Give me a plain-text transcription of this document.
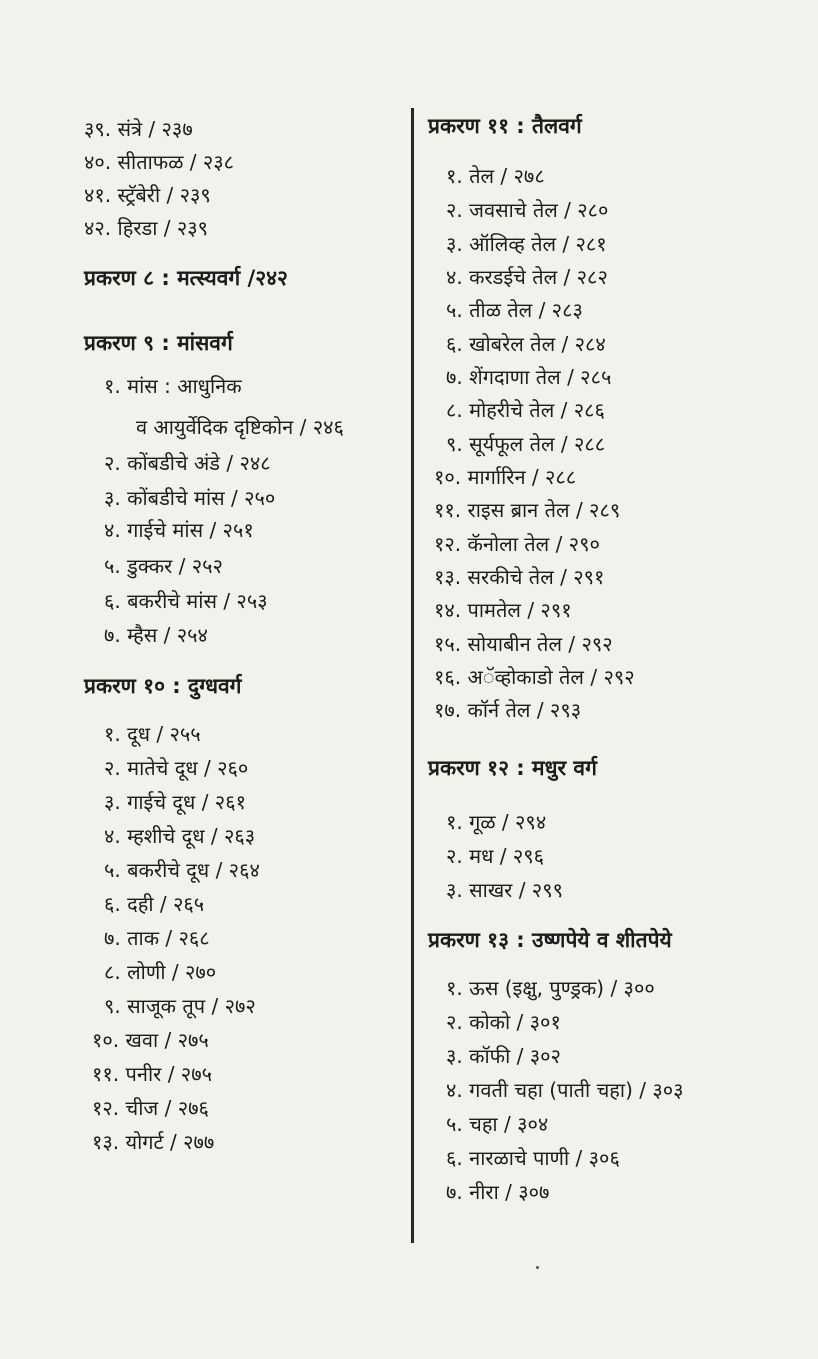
३९. संत्रे / २३७
४०. सीताफळ / २३८
४१. स्ट्रॅबेरी / २३९
४२. हिरडा / २३९
प्रकरण ८ : मत्स्यवर्ग /२४२
प्रकरण ९ : मांसवर्ग
१. मांस : आधुनिक
व आयुर्वेदिक दृष्टिकोन / २४६
२. कोंबडीचे अंडे / २४८
३. कोंबडीचे मांस / २५०
४. गाईचे मांस / २५१
५. डुक्कर / २५२
६. बकरीचे मांस / २५३
७. म्हैस / २५४
प्रकरण १० : दुग्धवर्ग
१. दूध / २५५
२. मातेचे दूध / २६०
३. गाईचे दूध / २६१
४. म्हशीचे दूध / २६३
५. बकरीचे दूध / २६४
६. दही / २६५
७. ताक / २६८
८. लोणी / २७०
९. साजूक तूप / २७२
१०. खवा / २७५
११. पनीर / २७५
१२. चीज / २७६
१३. योगर्ट / २७७
प्रकरण ११ : तैलवर्ग
१. तेल / २७८
२. जवसाचे तेल / २८०
३. ऑलिव्ह तेल / २८१
४. करडईचे तेल / २८२
५. तीळ तेल / २८३
६. खोबरेल तेल / २८४
७. शेंगदाणा तेल / २८५
८. मोहरीचे तेल / २८६
९. सूर्यफूल तेल / २८८
१०. मार्गारिन / २८८
११. राइस ब्रान तेल / २८९
१२. कॅनोला तेल / २९०
१३. सरकीचे तेल / २९१
१४. पामतेल / २९१
१५. सोयाबीन तेल / २९२
१६. अॅव्होकाडो तेल / २९२
१७. कॉर्न तेल / २९३
प्रकरण १२ : मधुर वर्ग
१. गूळ / २९४
२. मध / २९६
३. साखर / २९९
प्रकरण १३ : उष्णपेये व शीतपेये
१. ऊस (इक्षु, पुण्ड्रक) / ३००
२. कोको / ३०१
३. कॉफी / ३०२
४. गवती चहा (पाती चहा) / ३०३
५. चहा / ३०४
६. नारळाचे पाणी / ३०६
७. नीरा / ३०७
